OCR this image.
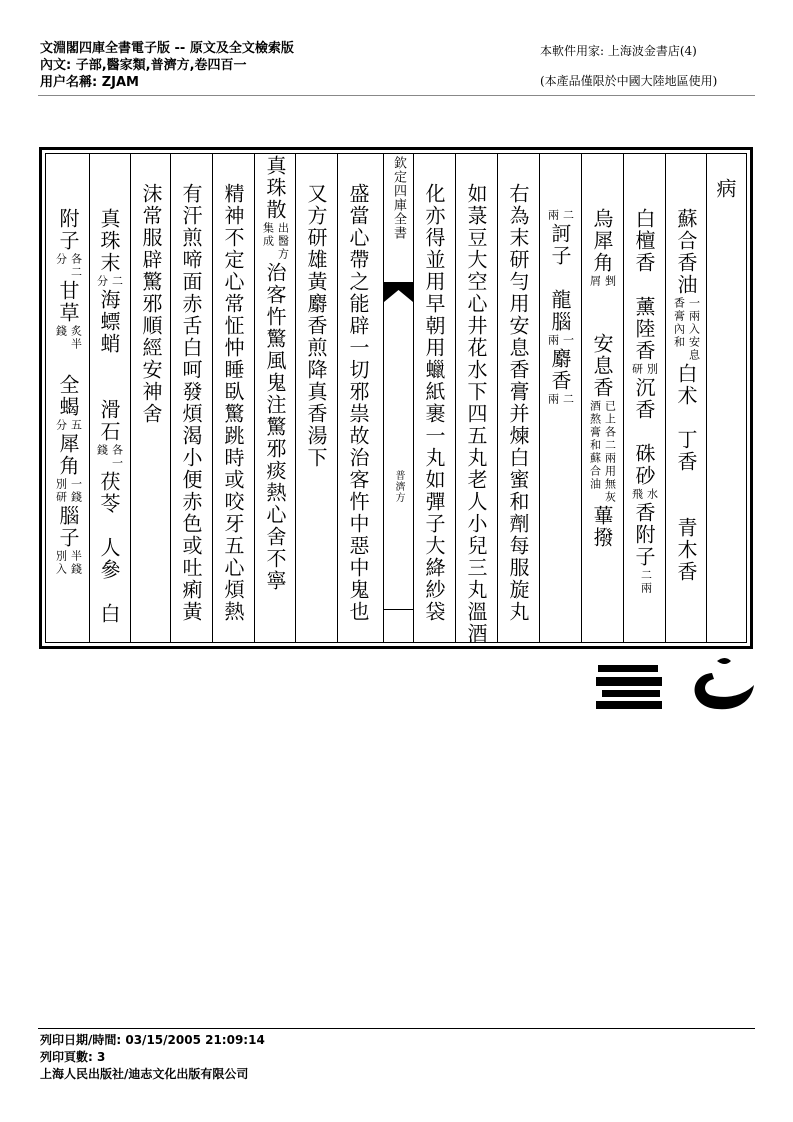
文淵閣四庫全書電子版 -- 原文及全文檢索版
內文: 子部,醫家類,普濟方,卷四百一
用户名稱: ZJAM
本軟件用家: 上海波金書店(4)
(本產品僅限於中國大陸地區使用)
欽定四庫全書
普濟方
病
蘇合香油
一兩入安息
香膏內和
白术　丁香　　青木香
白檀香　薰陸香
別
研
沉香　硃砂
水
飛
香附子
二兩
烏犀角
剉
屑
　　安息香
已上各二兩用無灰
酒熬膏和蘇合油
蓽撥
二
兩
訶子　龍腦
一
兩
麝香
二
兩
右為末研勻用安息香膏并煉白蜜和劑每服旋丸
如菉豆大空心井花水下四五丸老人小兒三丸溫酒
化亦得並用早朝用蠟紙裹一丸如彈子大絳紗袋
盛當心帶之能辟一切邪祟故治客忤中惡中鬼也
又方研雄黃麝香煎降真香湯下
真珠散
出醫方
集成
治客忤驚風鬼注驚邪痰熱心舍不寧
精神不定心常怔忡睡臥驚跳時或咬牙五心煩熱
有汗煎啼面赤舌白呵發煩渴小便赤色或吐痢黃
沫常服辟驚邪順經安神舍
真珠末
二
分
海螵蛸　　滑石
各一
錢
茯苓　人參　白
附子
各二
分
甘草
炙半
錢
　全蝎
五
分
犀角
一錢
別研
腦子
半錢
別入
列印日期/時間: 03/15/2005 21:09:14
列印頁數: 3
上海人民出版社/迪志文化出版有限公司
